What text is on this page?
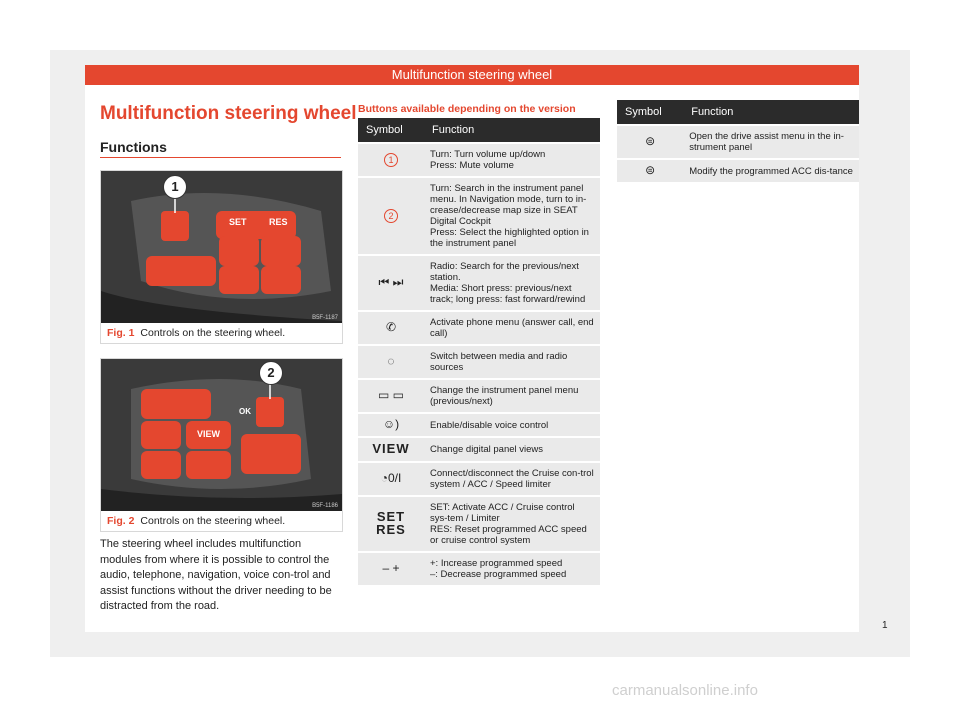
Multifunction steering wheel
Multifunction steering wheel
Functions
1
SET RES
B5F-1187
Fig. 1 Controls on the steering wheel.
2
VIEW
OK
B5F-1186
Fig. 2 Controls on the steering wheel.
The steering wheel includes multifunction modules from where it is possible to control the audio, telephone, navigation, voice con-trol and assist functions without the driver needing to be distracted from the road.
Buttons available depending on the version
Symbol	Function
1	Turn: Turn volume up/down
Press: Mute volume
2	Turn: Search in the instrument panel menu. In Navigation mode, turn to in-crease/decrease map size in SEAT Digital Cockpit
Press: Select the highlighted option in the instrument panel
⏮ ⏭	Radio: Search for the previous/next station.
Media: Short press: previous/next track; long press: fast forward/rewind
✆	Activate phone menu (answer call, end call)
◌	Switch between media and radio sources
▭ ▭	Change the instrument panel menu (previous/next)
☺)	Enable/disable voice control
VIEW	Change digital panel views
◔0/I	Connect/disconnect the Cruise con-trol system / ACC / Speed limiter
SET RES	SET: Activate ACC / Cruise control sys-tem / Limiter
RES: Reset programmed ACC speed or cruise control system
– +	+: Increase programmed speed
–: Decrease programmed speed
Symbol	Function
⊜	Open the drive assist menu in the in-strument panel
⊜	Modify the programmed ACC dis-tance
1
carmanualsonline.info
